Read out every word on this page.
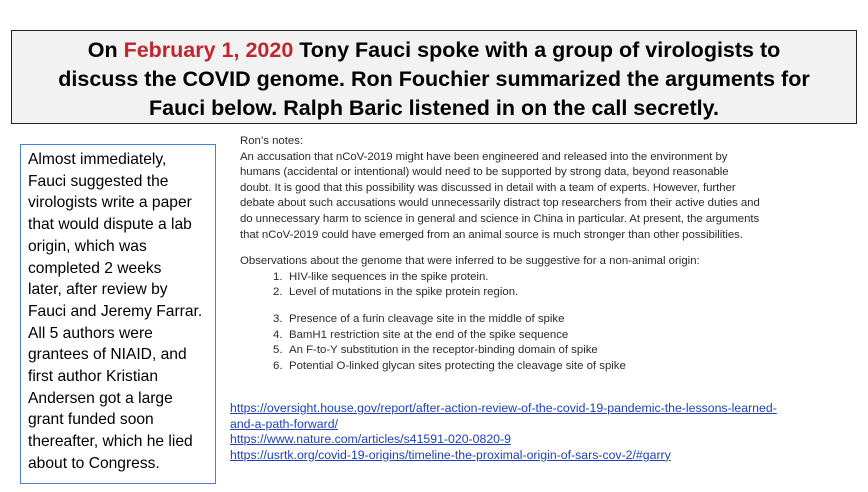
On February 1, 2020 Tony Fauci spoke with a group of virologists to
discuss the COVID genome. Ron Fouchier summarized the arguments for
Fauci below. Ralph Baric listened in on the call secretly.
Almost immediately,
Fauci suggested the
virologists write a paper
that would dispute a lab
origin, which was
completed 2 weeks
later, after review by
Fauci and Jeremy Farrar.
All 5 authors were
grantees of NIAID, and
first author Kristian
Andersen got a large
grant funded soon
thereafter, which he lied
about to Congress.
Ron’s notes:
An accusation that nCoV-2019 might have been engineered and released into the environment by
humans (accidental or intentional) would need to be supported by strong data, beyond reasonable
doubt. It is good that this possibility was discussed in detail with a team of experts. However, further
debate about such accusations would unnecessarily distract top researchers from their active duties and
do unnecessary harm to science in general and science in China in particular. At present, the arguments
that nCoV-2019 could have emerged from an animal source is much stronger than other possibilities.
Observations about the genome that were inferred to be suggestive for a non-animal origin:
1. HIV-like sequences in the spike protein.
2. Level of mutations in the spike protein region.
3. Presence of a furin cleavage site in the middle of spike
4. BamH1 restriction site at the end of the spike sequence
5. An F-to-Y substitution in the receptor-binding domain of spike
6. Potential O-linked glycan sites protecting the cleavage site of spike
https://oversight.house.gov/report/after-action-review-of-the-covid-19-pandemic-the-lessons-learned-
and-a-path-forward/
https://www.nature.com/articles/s41591-020-0820-9
https://usrtk.org/covid-19-origins/timeline-the-proximal-origin-of-sars-cov-2/#garry
